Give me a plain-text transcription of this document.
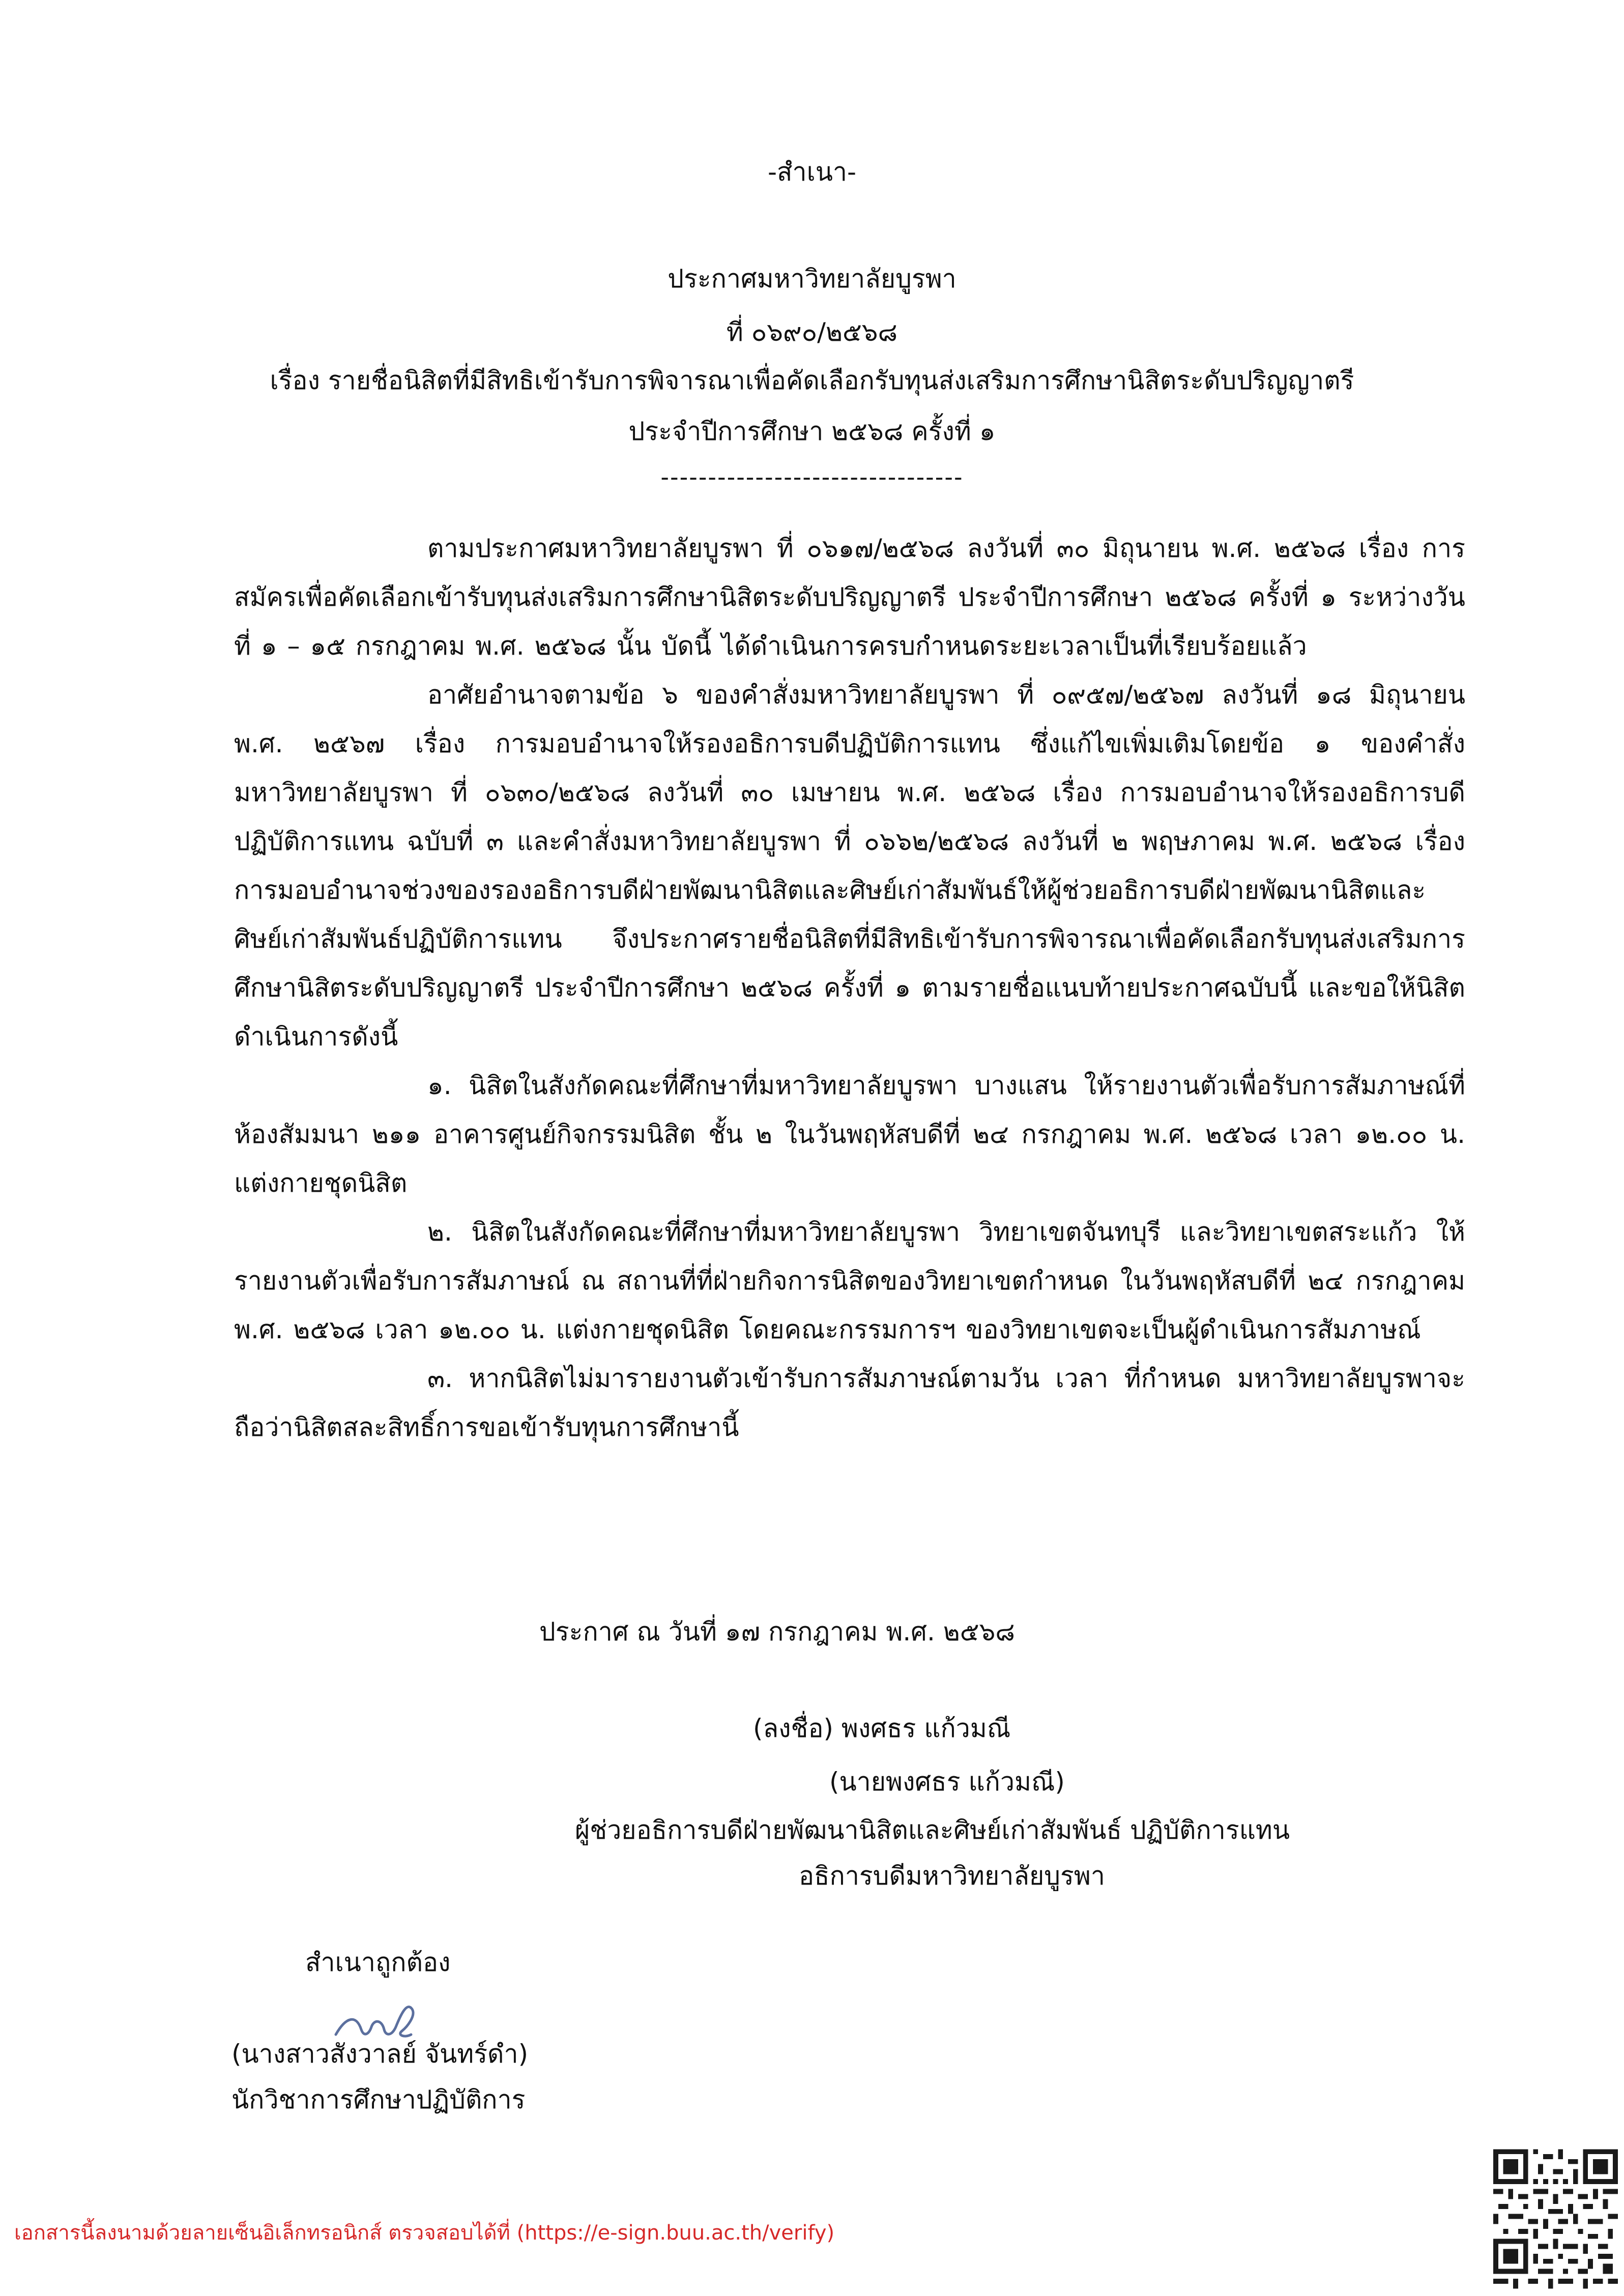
-สำเนา-
ประกาศมหาวิทยาลัยบูรพา
ที่ ๐๖๙๐/๒๕๖๘
เรื่อง รายชื่อนิสิตที่มีสิทธิเข้ารับการพิจารณาเพื่อคัดเลือกรับทุนส่งเสริมการศึกษานิสิตระดับปริญญาตรี
ประจำปีการศึกษา ๒๕๖๘ ครั้งที่ ๑
--------------------------------

ตามประกาศมหาวิทยาลัยบูรพา ที่ ๐๖๑๗/๒๕๖๘ ลงวันที่ ๓๐ มิถุนายน พ.ศ. ๒๕๖๘ เรื่อง การสมัครเพื่อคัดเลือกเข้ารับทุนส่งเสริมการศึกษานิสิตระดับปริญญาตรี ประจำปีการศึกษา ๒๕๖๘ ครั้งที่ ๑ ระหว่างวันที่ ๑ – ๑๕ กรกฎาคม พ.ศ. ๒๕๖๘ นั้น บัดนี้ ได้ดำเนินการครบกำหนดระยะเวลาเป็นที่เรียบร้อยแล้ว

อาศัยอำนาจตามข้อ ๖ ของคำสั่งมหาวิทยาลัยบูรพา ที่ ๐๙๕๗/๒๕๖๗ ลงวันที่ ๑๘ มิถุนายน พ.ศ. ๒๕๖๗ เรื่อง การมอบอำนาจให้รองอธิการบดีปฏิบัติการแทน ซึ่งแก้ไขเพิ่มเติมโดยข้อ ๑ ของคำสั่งมหาวิทยาลัยบูรพา ที่ ๐๖๓๐/๒๕๖๘ ลงวันที่ ๓๐ เมษายน พ.ศ. ๒๕๖๘ เรื่อง การมอบอำนาจให้รองอธิการบดีปฏิบัติการแทน ฉบับที่ ๓ และคำสั่งมหาวิทยาลัยบูรพา ที่ ๐๖๖๒/๒๕๖๘ ลงวันที่ ๒ พฤษภาคม พ.ศ. ๒๕๖๘ เรื่อง การมอบอำนาจช่วงของรองอธิการบดีฝ่ายพัฒนานิสิตและศิษย์เก่าสัมพันธ์ให้ผู้ช่วยอธิการบดีฝ่ายพัฒนานิสิตและศิษย์เก่าสัมพันธ์ปฏิบัติการแทน จึงประกาศรายชื่อนิสิตที่มีสิทธิเข้ารับการพิจารณาเพื่อคัดเลือกรับทุนส่งเสริมการศึกษานิสิตระดับปริญญาตรี ประจำปีการศึกษา ๒๕๖๘ ครั้งที่ ๑ ตามรายชื่อแนบท้ายประกาศฉบับนี้ และขอให้นิสิตดำเนินการดังนี้

๑. นิสิตในสังกัดคณะที่ศึกษาที่มหาวิทยาลัยบูรพา บางแสน ให้รายงานตัวเพื่อรับการสัมภาษณ์ที่ห้องสัมมนา ๒๑๑ อาคารศูนย์กิจกรรมนิสิต ชั้น ๒ ในวันพฤหัสบดีที่ ๒๔ กรกฎาคม พ.ศ. ๒๕๖๘ เวลา ๑๒.๐๐ น. แต่งกายชุดนิสิต

๒. นิสิตในสังกัดคณะที่ศึกษาที่มหาวิทยาลัยบูรพา วิทยาเขตจันทบุรี และวิทยาเขตสระแก้ว ให้รายงานตัวเพื่อรับการสัมภาษณ์ ณ สถานที่ที่ฝ่ายกิจการนิสิตของวิทยาเขตกำหนด ในวันพฤหัสบดีที่ ๒๔ กรกฎาคม พ.ศ. ๒๕๖๘ เวลา ๑๒.๐๐ น. แต่งกายชุดนิสิต โดยคณะกรรมการฯ ของวิทยาเขตจะเป็นผู้ดำเนินการสัมภาษณ์

๓. หากนิสิตไม่มารายงานตัวเข้ารับการสัมภาษณ์ตามวัน เวลา ที่กำหนด มหาวิทยาลัยบูรพาจะถือว่านิสิตสละสิทธิ์การขอเข้ารับทุนการศึกษานี้

ประกาศ ณ วันที่ ๑๗ กรกฎาคม พ.ศ. ๒๕๖๘
(ลงชื่อ) พงศธร แก้วมณี
(นายพงศธร แก้วมณี)
ผู้ช่วยอธิการบดีฝ่ายพัฒนานิสิตและศิษย์เก่าสัมพันธ์ ปฏิบัติการแทน
อธิการบดีมหาวิทยาลัยบูรพา
สำเนาถูกต้อง
(นางสาวสังวาลย์ จันทร์ดำ)
นักวิชาการศึกษาปฏิบัติการ
เอกสารนี้ลงนามด้วยลายเซ็นอิเล็กทรอนิกส์ ตรวจสอบได้ที่ (https://e-sign.buu.ac.th/verify)
